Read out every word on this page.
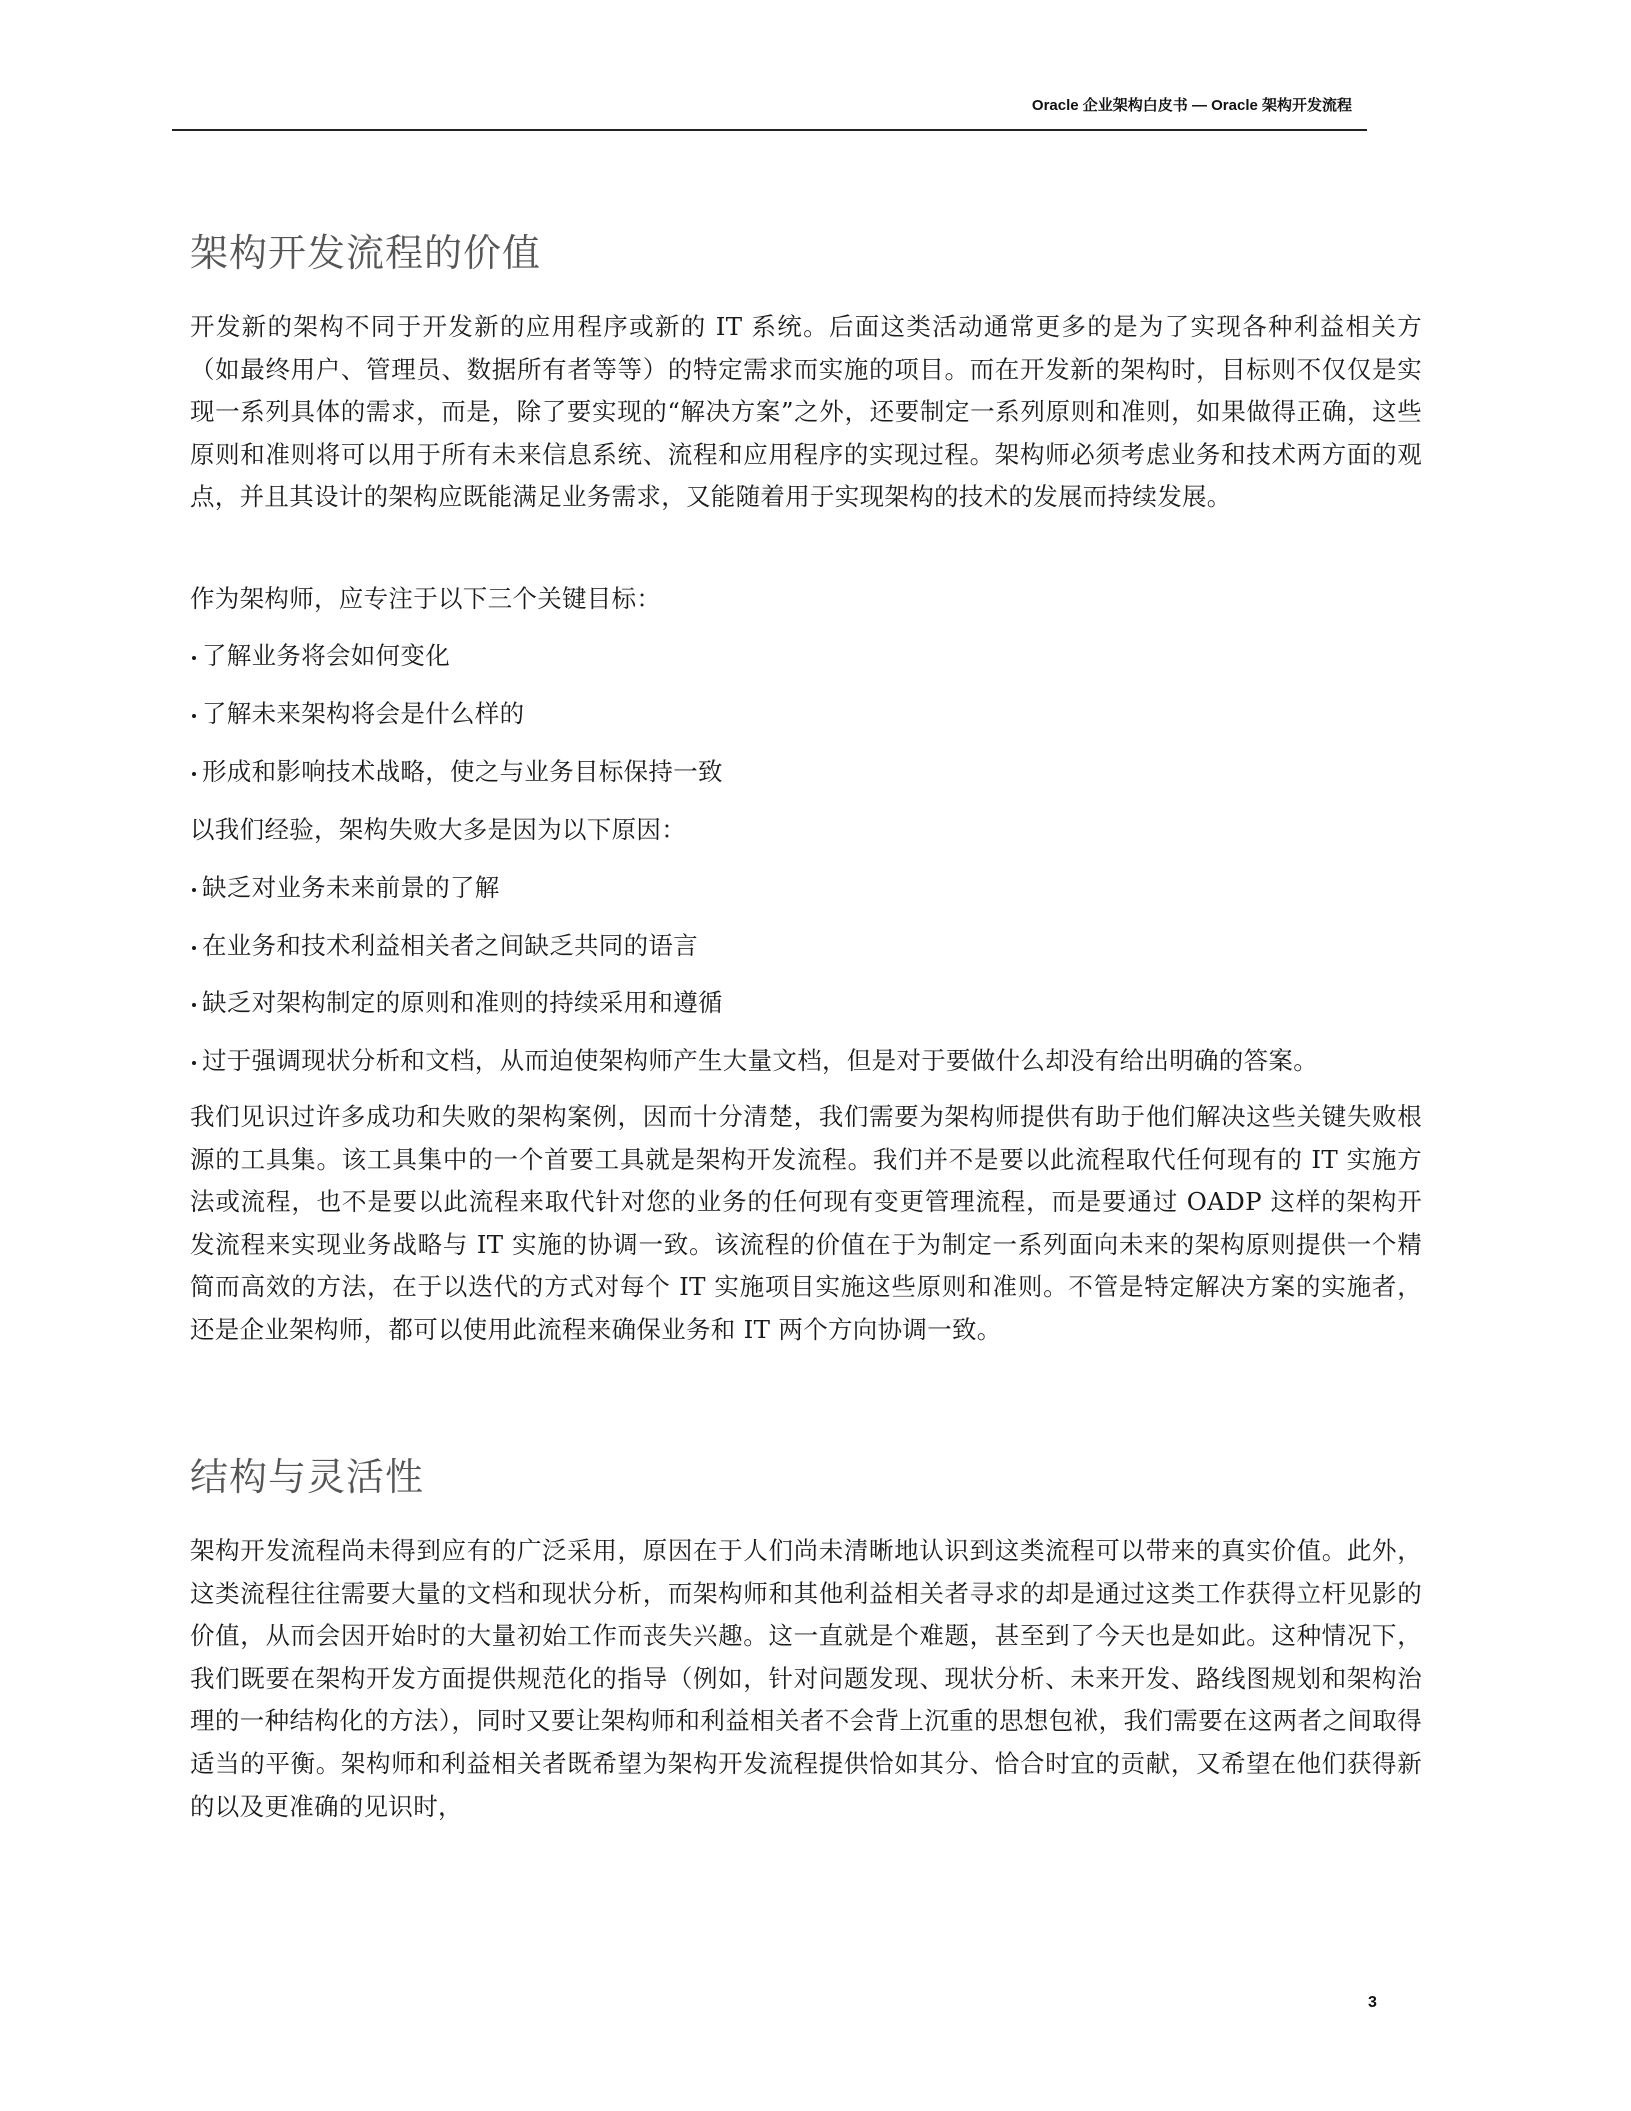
Oracle 企业架构白皮书 — Oracle 架构开发流程
架构开发流程的价值

开发新的架构不同于开发新的应用程序或新的 IT 系统。后面这类活动通常更多的是为了实现各种利益相关方（如最终用户、管理员、数据所有者等等）的特定需求而实施的项目。而在开发新的架构时，目标则不仅仅是实现一系列具体的需求，而是，除了要实现的“解决方案”之外，还要制定一系列原则和准则，如果做得正确，这些原则和准则将可以用于所有未来信息系统、流程和应用程序的实现过程。架构师必须考虑业务和技术两方面的观点，并且其设计的架构应既能满足业务需求，又能随着用于实现架构的技术的发展而持续发展。

作为架构师，应专注于以下三个关键目标：

了解业务将会如何变化

了解未来架构将会是什么样的

形成和影响技术战略，使之与业务目标保持一致

以我们经验，架构失败大多是因为以下原因：

缺乏对业务未来前景的了解

在业务和技术利益相关者之间缺乏共同的语言

缺乏对架构制定的原则和准则的持续采用和遵循

过于强调现状分析和文档，从而迫使架构师产生大量文档，但是对于要做什么却没有给出明确的答案。

我们见识过许多成功和失败的架构案例，因而十分清楚，我们需要为架构师提供有助于他们解决这些关键失败根源的工具集。该工具集中的一个首要工具就是架构开发流程。我们并不是要以此流程取代任何现有的 IT 实施方法或流程，也不是要以此流程来取代针对您的业务的任何现有变更管理流程，而是要通过 OADP 这样的架构开发流程来实现业务战略与 IT 实施的协调一致。该流程的价值在于为制定一系列面向未来的架构原则提供一个精简而高效的方法，在于以迭代的方式对每个 IT 实施项目实施这些原则和准则。不管是特定解决方案的实施者，还是企业架构师，都可以使用此流程来确保业务和 IT 两个方向协调一致。

结构与灵活性

架构开发流程尚未得到应有的广泛采用，原因在于人们尚未清晰地认识到这类流程可以带来的真实价值。此外，这类流程往往需要大量的文档和现状分析，而架构师和其他利益相关者寻求的却是通过这类工作获得立杆见影的价值，从而会因开始时的大量初始工作而丧失兴趣。这一直就是个难题，甚至到了今天也是如此。这种情况下，我们既要在架构开发方面提供规范化的指导（例如，针对问题发现、现状分析、未来开发、路线图规划和架构治理的一种结构化的方法），同时又要让架构师和利益相关者不会背上沉重的思想包袱，我们需要在这两者之间取得适当的平衡。架构师和利益相关者既希望为架构开发流程提供恰如其分、恰合时宜的贡献，又希望在他们获得新的以及更准确的见识时，

3
